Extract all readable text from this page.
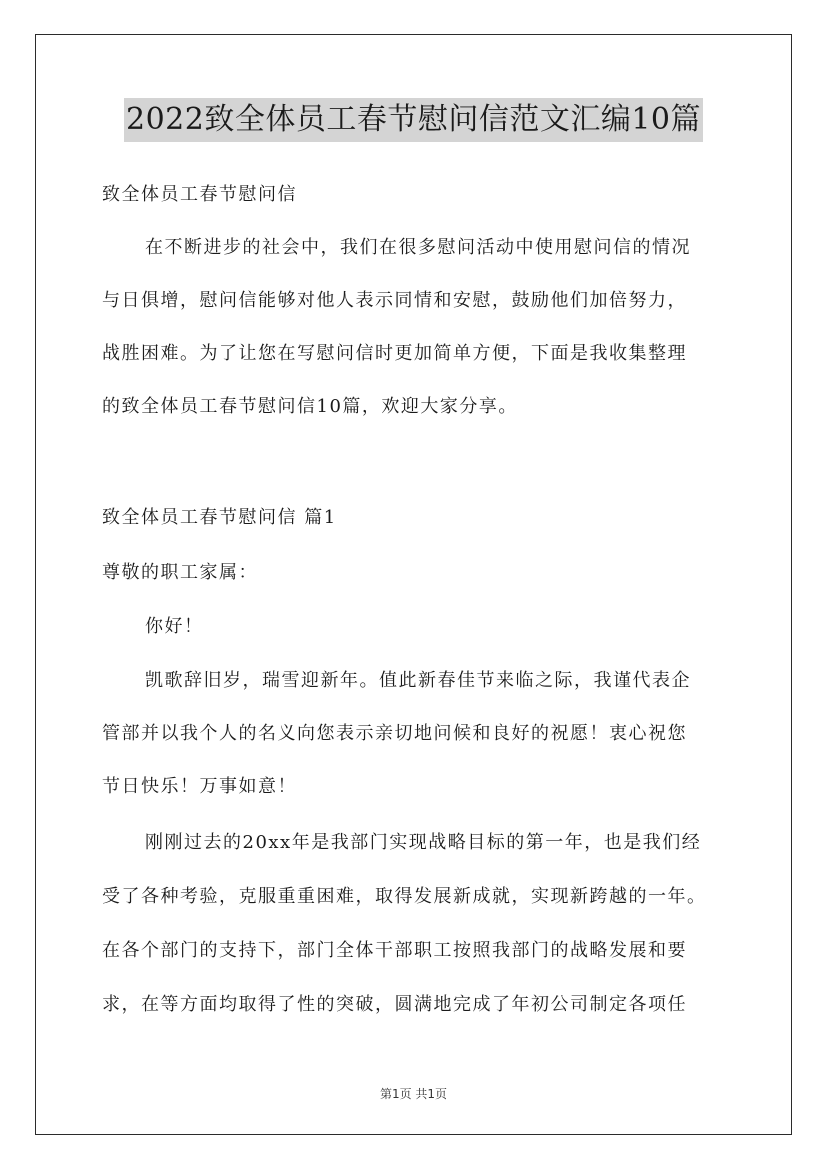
2022致全体员工春节慰问信范文汇编10篇
致全体员工春节慰问信
在不断进步的社会中，我们在很多慰问活动中使用慰问信的情况
与日俱增，慰问信能够对他人表示同情和安慰，鼓励他们加倍努力，
战胜困难。为了让您在写慰问信时更加简单方便，下面是我收集整理
的致全体员工春节慰问信10篇，欢迎大家分享。
致全体员工春节慰问信 篇1
尊敬的职工家属：
你好！
凯歌辞旧岁，瑞雪迎新年。值此新春佳节来临之际，我谨代表企
管部并以我个人的名义向您表示亲切地问候和良好的祝愿！衷心祝您
节日快乐！万事如意！
刚刚过去的20xx年是我部门实现战略目标的第一年，也是我们经
受了各种考验，克服重重困难，取得发展新成就，实现新跨越的一年。
在各个部门的支持下，部门全体干部职工按照我部门的战略发展和要
求，在等方面均取得了性的突破，圆满地完成了年初公司制定各项任
第1页 共1页
